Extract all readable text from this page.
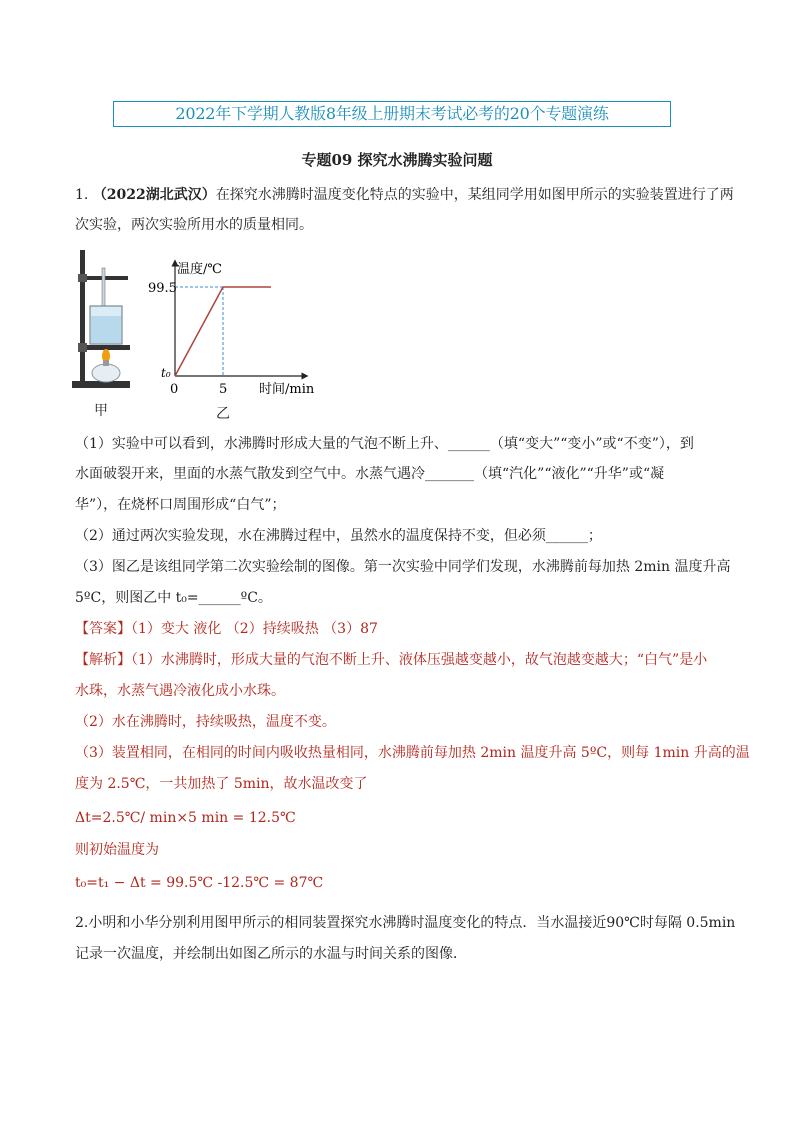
2022年下学期人教版8年级上册期末考试必考的20个专题演练
专题09 探究水沸腾实验问题
1. （2022湖北武汉）在探究水沸腾时温度变化特点的实验中，某组同学用如图甲所示的实验装置进行了两
次实验，两次实验所用水的质量相同。
甲
温度/℃
99.5
t₀
0	5 时间/min
乙
（1）实验中可以看到，水沸腾时形成大量的气泡不断上升、______（填“变大”“变小”或“不变”），到
水面破裂开来，里面的水蒸气散发到空气中。水蒸气遇冷_______（填“汽化”“液化”“升华”或“凝
华”），在烧杯口周围形成“白气”；
（2）通过两次实验发现，水在沸腾过程中，虽然水的温度保持不变，但必须______；
（3）图乙是该组同学第二次实验绘制的图像。第一次实验中同学们发现，水沸腾前每加热 2min 温度升高
5ºC，则图乙中 t₀=______ºC。
【答案】（1）变大 液化 （2）持续吸热 （3）87
【解析】（1）水沸腾时，形成大量的气泡不断上升、液体压强越变越小，故气泡越变越大；“白气”是小
水珠，水蒸气遇冷液化成小水珠。
（2）水在沸腾时，持续吸热，温度不变。
（3）装置相同，在相同的时间内吸收热量相同，水沸腾前每加热 2min 温度升高 5ºC，则每 1min 升高的温
度为 2.5℃，一共加热了 5min，故水温改变了
Δt=2.5℃/ min×5 min = 12.5℃
则初始温度为
t₀=t₁ − Δt = 99.5℃ -12.5℃ = 87℃
2.小明和小华分别利用图甲所示的相同装置探究水沸腾时温度变化的特点．当水温接近90℃时每隔 0.5min
记录一次温度，并绘制出如图乙所示的水温与时间关系的图像．
